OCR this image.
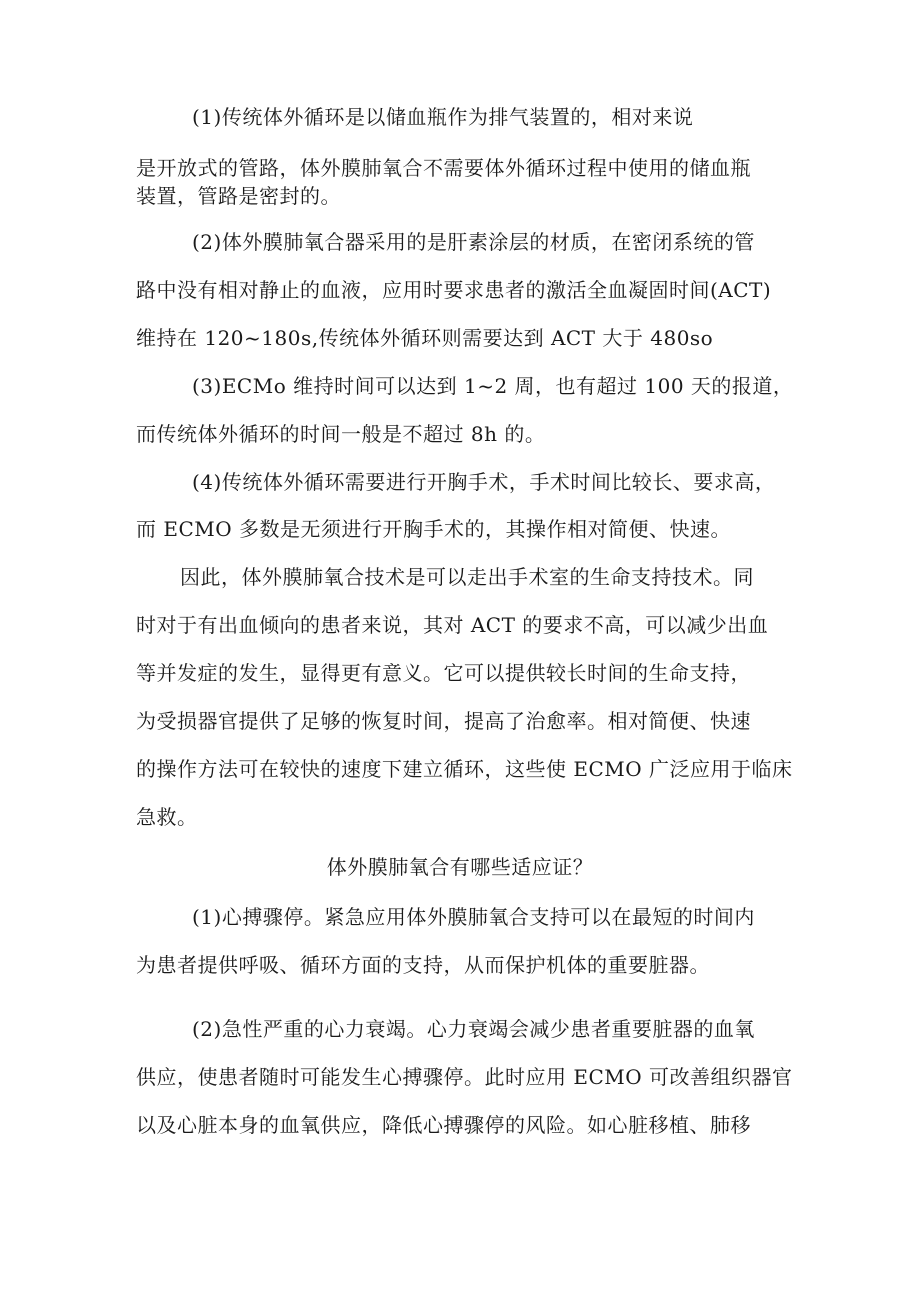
(1)传统体外循环是以储血瓶作为排气装置的，相对来说
是开放式的管路，体外膜肺氧合不需要体外循环过程中使用的储血瓶
装置，管路是密封的。
(2)体外膜肺氧合器采用的是肝素涂层的材质，在密闭系统的管
路中没有相对静止的血液，应用时要求患者的激活全血凝固时间(ACT)
维持在 120~180s,传统体外循环则需要达到 ACT 大于 480so
(3)ECMo 维持时间可以达到 1~2 周，也有超过 100 天的报道，
而传统体外循环的时间一般是不超过 8h 的。
(4)传统体外循环需要进行开胸手术，手术时间比较长、要求高，
而 ECMO 多数是无须进行开胸手术的，其操作相对简便、快速。
因此，体外膜肺氧合技术是可以走出手术室的生命支持技术。同
时对于有出血倾向的患者来说，其对 ACT 的要求不高，可以减少出血
等并发症的发生，显得更有意义。它可以提供较长时间的生命支持，
为受损器官提供了足够的恢复时间，提高了治愈率。相对简便、快速
的操作方法可在较快的速度下建立循环，这些使 ECMO 广泛应用于临床
急救。
体外膜肺氧合有哪些适应证？
(1)心搏骤停。紧急应用体外膜肺氧合支持可以在最短的时间内
为患者提供呼吸、循环方面的支持，从而保护机体的重要脏器。
(2)急性严重的心力衰竭。心力衰竭会减少患者重要脏器的血氧
供应，使患者随时可能发生心搏骤停。此时应用 ECMO 可改善组织器官
以及心脏本身的血氧供应，降低心搏骤停的风险。如心脏移植、肺移
